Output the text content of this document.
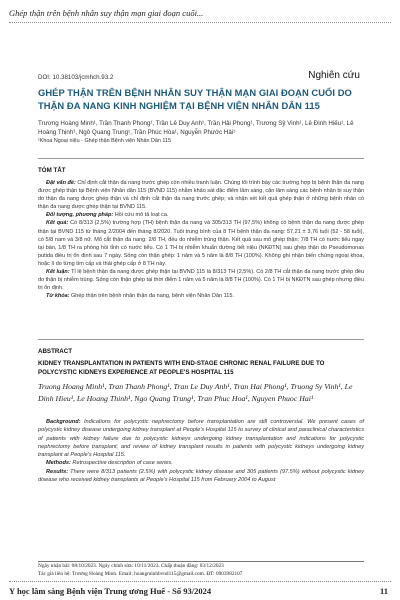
Ghép thận trên bệnh nhân suy thận mạn giai đoạn cuối...
DOI: 10.38103/jcmhch.93.2	Nghiên cứu
GHÉP THẬN TRÊN BỆNH NHÂN SUY THẬN MẠN GIAI ĐOẠN CUỐI DO THẬN ĐA NANG KINH NGHIỆM TẠI BỆNH VIỆN NHÂN DÂN 115
Trương Hoàng Minh¹, Trần Thanh Phong¹, Trần Lê Duy Anh¹, Trần Hải Phong¹, Trương Sỹ Vinh¹, Lê Đình Hiếu¹, Lê Hoàng Thịnh¹, Ngô Quang Trung¹, Trần Phúc Hòa¹, Nguyễn Phước Hải¹
¹Khoa Ngoại niệu - Ghép thận Bệnh viện Nhân Dân 115
TÓM TẮT

Đặt vấn đề: Chỉ định cắt thận đa nang trước ghép còn nhiều tranh luận. Chúng tôi trình bày các trường hợp bị bệnh thận đa nang được ghép thận tại Bệnh viện Nhân dân 115 (BVND 115) nhằm khảo sát đặc điểm lâm sàng, cận lâm sàng các bệnh nhân bị suy thận do thận đa nang được ghép thận và chỉ định cắt thận đa nang trước ghép; và nhận xét kết quả ghép thận ở những bệnh nhân có thận đa nang được ghép thận tại BVND 115.

Đối tượng, phương pháp: Hồi cứu mô tả loạt ca.

Kết quả: Có 8/313 (2,5%) trường hợp (TH) bệnh thận đa nang và 305/313 TH (97,5%) không có bệnh thận đa nang được ghép thận tại BVND 115 từ tháng 2/2004 đến tháng 8/2020. Tuổi trung bình của 8 TH bệnh thận đa nang: 57,21 ± 3,76 tuổi (52 - 58 tuổi), có 5/8 nam và 3/8 nữ. Mổ cắt thận đa nang: 2/8 TH, đều do nhiễm trùng thận. Kết quả sau mổ ghép thận: 7/8 TH có nước tiểu ngay tại bàn, 1/8 TH ra phòng hồi tỉnh có nước tiểu. Có 1 TH bị nhiễm khuẩn đường tiết niệu (NKĐTN) sau ghép thận do Pseudomonas putida điều trị ổn định sau 7 ngày. Sống còn thận ghép: 1 năm và 5 năm là 8/8 TH (100%). Không ghi nhận biến chứng ngoại khoa, hoặc lí do từng tìm cấp và thải ghép cấp ở 8 TH này.

Kết luận: Tỉ lệ bệnh thận đa nang được ghép thận tại BVND 115 là 8/313 TH (2,5%). Có 2/8 TH cắt thận đa nang trước ghép đều do thận bị nhiễm trùng. Sống còn thận ghép tại thời điểm 1 năm và 5 năm là 8/8 TH (100%). Có 1 TH bị NKĐTN sau ghép nhưng điều trị ổn định.

Từ khóa: Ghép thận trên bệnh nhân thận đa nang, bệnh viện Nhân Dân 115.

ABSTRACT
KIDNEY TRANSPLANTATION IN PATIENTS WITH END-STAGE CHRONIC RENAL FAILURE DUE TO POLYCYSTIC KIDNEYS EXPERIENCE AT PEOPLE'S HOSPITAL 115
Truong Hoang Minh¹, Tran Thanh Phong¹, Tran Le Duy Anh¹, Tran Hai Phong¹, Truong Sy Vinh¹, Le Dinh Hieu¹, Le Hoang Thinh¹, Ngo Quang Trung¹, Tran Phuc Hoa¹, Nguyen Phuoc Hai¹

Background: Indications for polycystic nephrectomy before transplantation are still controversial. We present cases of polycystic kidney disease undergoing kidney transplant at People's Hospital 115 to survey of clinical and paraclinical characteristics of patients with kidney failure due to polycystic kidneys undergoing kidney transplantation and indications for polycystic nephrectomy before transplant; and review of kidney transplant results in patients with polycystic kidneys undergoing kidney transplant at People's Hospital 115.

Methods: Retrospective description of case series.

Results: There were 8/313 patients (2.5%) with polycystic kidney disease and 305 patients (97.5%) without polycystic kidney disease who received kidney transplants at People's Hospital 115 from February 2004 to August

Ngày nhận bài: 08/10/2023. Ngày chỉnh sửa: 10/11/2023. Chấp thuận đăng: 03/12/2023
Tác giả liên hệ: Trương Hoàng Minh. Email: hoangminhbvnd115@gmail.com. ĐT: 0903982107
Y học lâm sàng Bệnh viện Trung ương Huế - Số 93/2024	11
